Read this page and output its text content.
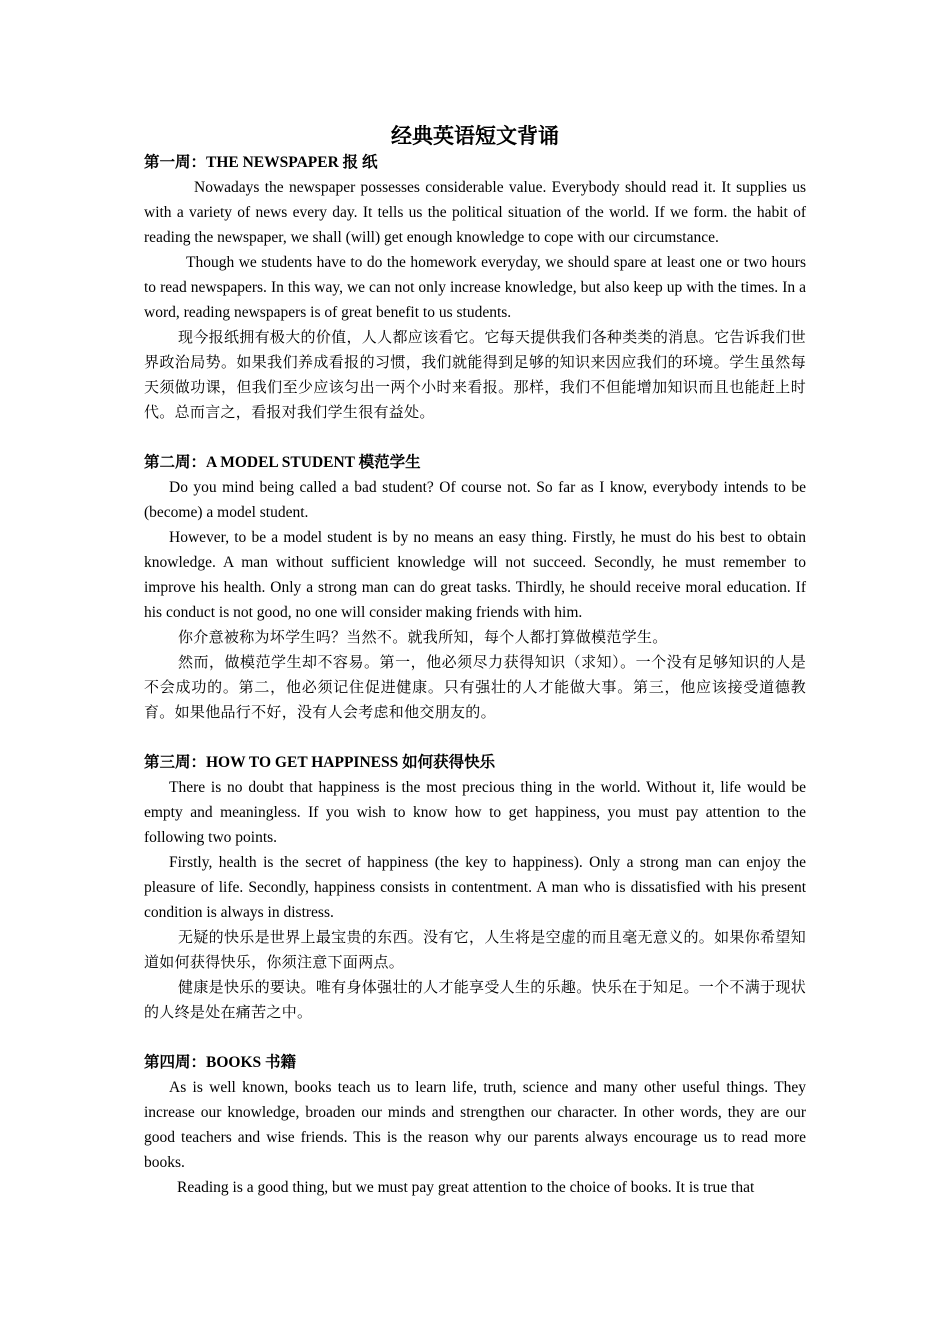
经典英语短文背诵

第一周：THE NEWSPAPER 报 纸

Nowadays the newspaper possesses considerable value. Everybody should read it. It supplies us with a variety of news every day. It tells us the political situation of the world. If we form. the habit of reading the newspaper, we shall (will) get enough knowledge to cope with our circumstance.

Though we students have to do the homework everyday, we should spare at least one or two hours to read newspapers. In this way, we can not only increase knowledge, but also keep up with the times. In a word, reading newspapers is of great benefit to us students.

现今报纸拥有极大的价值，人人都应该看它。它每天提供我们各种类类的消息。它告诉我们世界政治局势。如果我们养成看报的习惯，我们就能得到足够的知识来因应我们的环境。学生虽然每天须做功课，但我们至少应该匀出一两个小时来看报。那样，我们不但能增加知识而且也能赶上时代。总而言之，看报对我们学生很有益处。

第二周：A MODEL STUDENT 模范学生

Do you mind being called a bad student? Of course not. So far as I know, everybody intends to be (become) a model student.

However, to be a model student is by no means an easy thing. Firstly, he must do his best to obtain knowledge. A man without sufficient knowledge will not succeed. Secondly, he must remember to improve his health. Only a strong man can do great tasks. Thirdly, he should receive moral education. If his conduct is not good, no one will consider making friends with him.

你介意被称为坏学生吗？当然不。就我所知，每个人都打算做模范学生。

然而，做模范学生却不容易。第一，他必须尽力获得知识（求知）。一个没有足够知识的人是不会成功的。第二，他必须记住促进健康。只有强壮的人才能做大事。第三，他应该接受道德教育。如果他品行不好，没有人会考虑和他交朋友的。

第三周：HOW TO GET HAPPINESS 如何获得快乐

There is no doubt that happiness is the most precious thing in the world. Without it, life would be empty and meaningless. If you wish to know how to get happiness, you must pay attention to the following two points.

Firstly, health is the secret of happiness (the key to happiness). Only a strong man can enjoy the pleasure of life. Secondly, happiness consists in contentment. A man who is dissatisfied with his present condition is always in distress.

无疑的快乐是世界上最宝贵的东西。没有它，人生将是空虚的而且毫无意义的。如果你希望知道如何获得快乐，你须注意下面两点。

健康是快乐的要诀。唯有身体强壮的人才能享受人生的乐趣。快乐在于知足。一个不满于现状的人终是处在痛苦之中。

第四周：BOOKS 书籍

As is well known, books teach us to learn life, truth, science and many other useful things. They increase our knowledge, broaden our minds and strengthen our character. In other words, they are our good teachers and wise friends. This is the reason why our parents always encourage us to read more books.

Reading is a good thing, but we must pay great attention to the choice of books. It is true that
